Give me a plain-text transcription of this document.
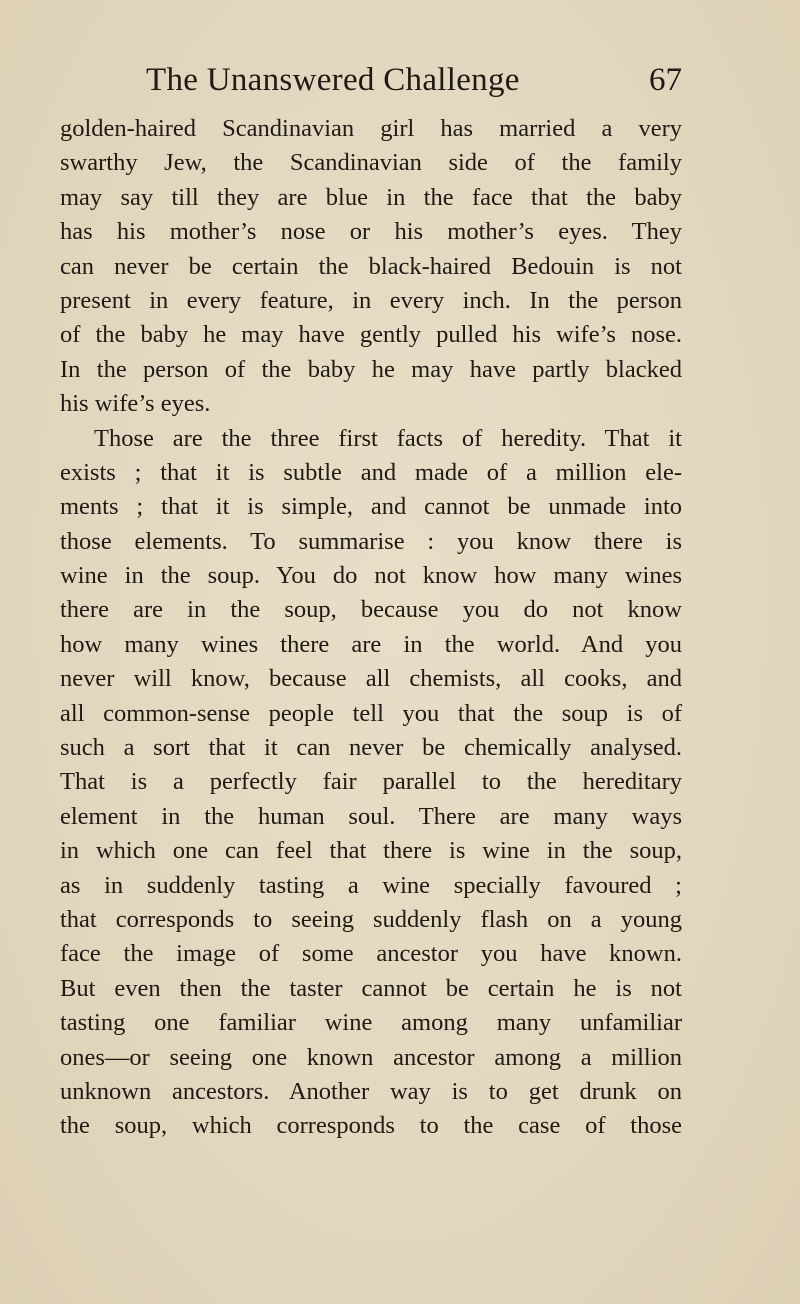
The Unanswered Challenge	67
golden-haired Scandinavian girl has married a very
swarthy Jew, the Scandinavian side of the family
may say till they are blue in the face that the baby
has his mother’s nose or his mother’s eyes. They
can never be certain the black-haired Bedouin is not
present in every feature, in every inch. In the person
of the baby he may have gently pulled his wife’s nose.
In the person of the baby he may have partly blacked
his wife’s eyes.
Those are the three first facts of heredity. That it
exists ; that it is subtle and made of a million ele-
ments ; that it is simple, and cannot be unmade into
those elements. To summarise : you know there is
wine in the soup. You do not know how many wines
there are in the soup, because you do not know
how many wines there are in the world. And you
never will know, because all chemists, all cooks, and
all common-sense people tell you that the soup is of
such a sort that it can never be chemically analysed.
That is a perfectly fair parallel to the hereditary
element in the human soul. There are many ways
in which one can feel that there is wine in the soup,
as in suddenly tasting a wine specially favoured ;
that corresponds to seeing suddenly flash on a young
face the image of some ancestor you have known.
But even then the taster cannot be certain he is not
tasting one familiar wine among many unfamiliar
ones—or seeing one known ancestor among a million
unknown ancestors. Another way is to get drunk on
the soup, which corresponds to the case of those
